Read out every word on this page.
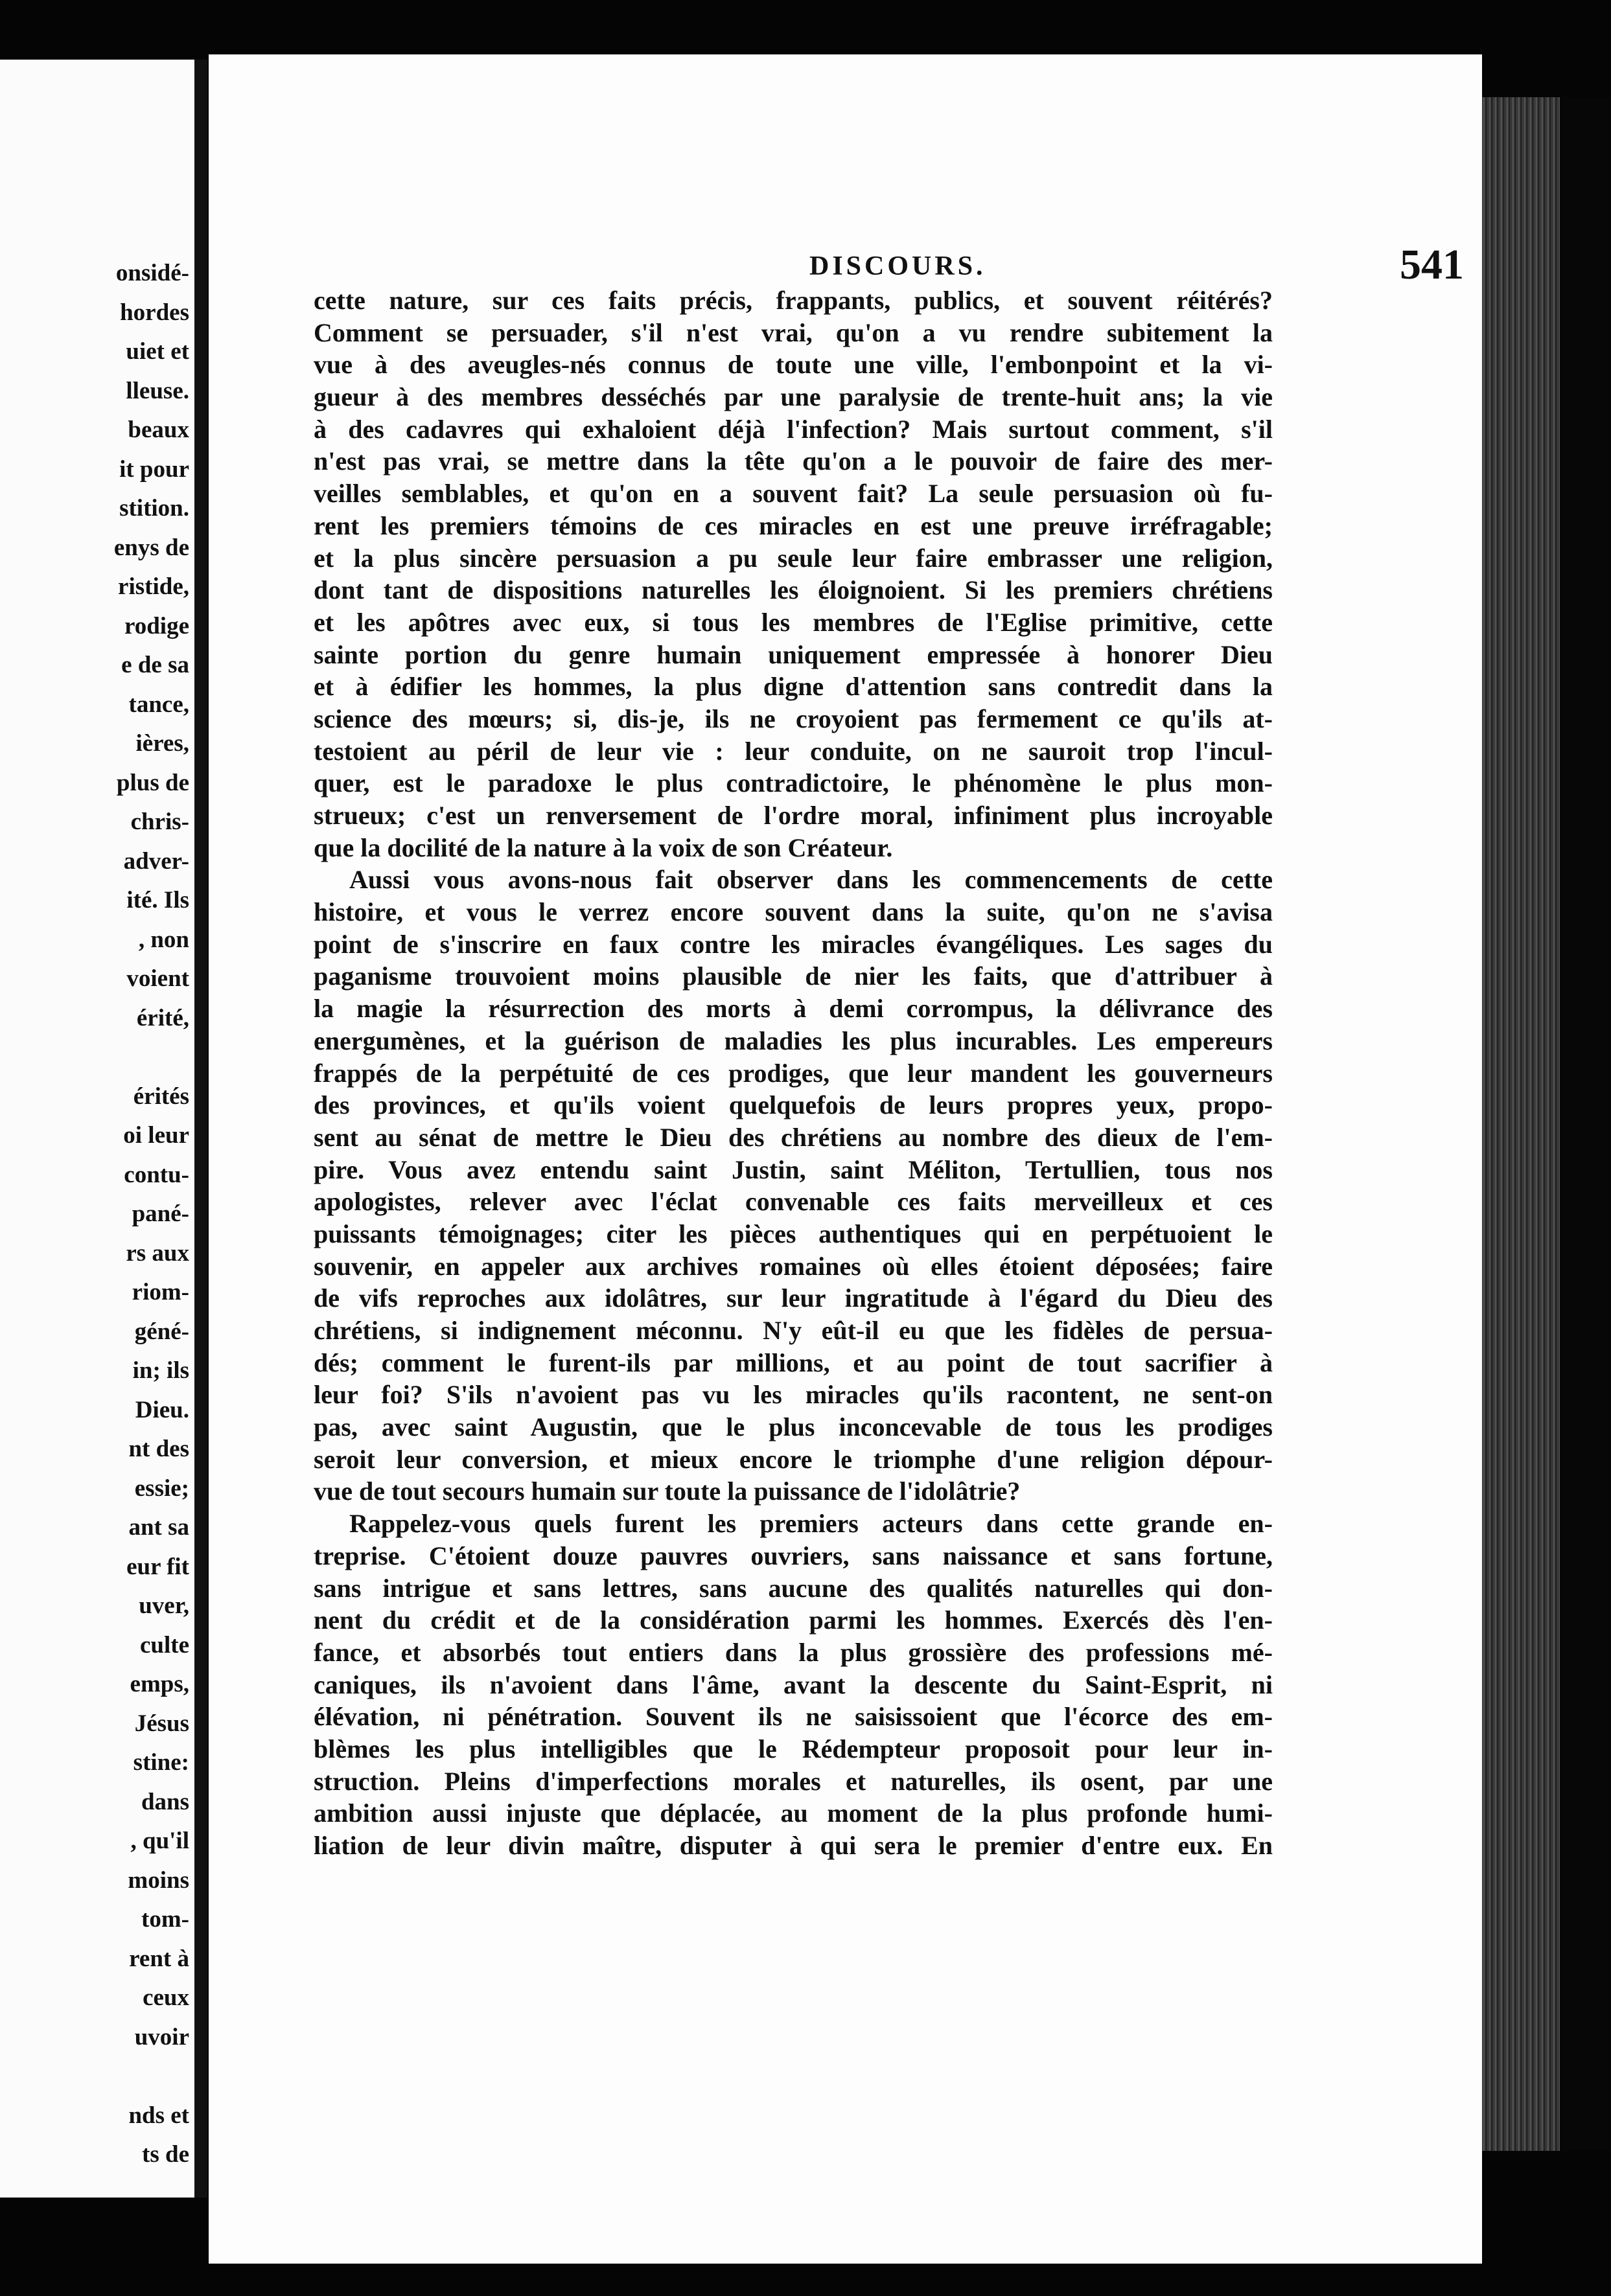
onsidé-
hordes
uiet et
lleuse.
beaux
it pour
stition.
enys de
ristide,
rodige
e de sa
tance,
ières,
plus de
chris-
adver-
ité. Ils
, non
voient
érité,
érités
oi leur
contu-
pané-
rs aux
riom-
géné-
in; ils
Dieu.
nt des
essie;
ant sa
eur fit
uver,
culte
emps,
Jésus
stine:
dans
, qu'il
moins
tom-
rent à
ceux
uvoir
nds et
ts de
DISCOURS.	541
cette nature, sur ces faits précis, frappants, publics, et souvent réitérés?
Comment se persuader, s'il n'est vrai, qu'on a vu rendre subitement la
vue à des aveugles-nés connus de toute une ville, l'embonpoint et la vi-
gueur à des membres desséchés par une paralysie de trente-huit ans; la vie
à des cadavres qui exhaloient déjà l'infection? Mais surtout comment, s'il
n'est pas vrai, se mettre dans la tête qu'on a le pouvoir de faire des mer-
veilles semblables, et qu'on en a souvent fait? La seule persuasion où fu-
rent les premiers témoins de ces miracles en est une preuve irréfragable;
et la plus sincère persuasion a pu seule leur faire embrasser une religion,
dont tant de dispositions naturelles les éloignoient. Si les premiers chrétiens
et les apôtres avec eux, si tous les membres de l'Eglise primitive, cette
sainte portion du genre humain uniquement empressée à honorer Dieu
et à édifier les hommes, la plus digne d'attention sans contredit dans la
science des mœurs; si, dis-je, ils ne croyoient pas fermement ce qu'ils at-
testoient au péril de leur vie : leur conduite, on ne sauroit trop l'incul-
quer, est le paradoxe le plus contradictoire, le phénomène le plus mon-
strueux; c'est un renversement de l'ordre moral, infiniment plus incroyable
que la docilité de la nature à la voix de son Créateur.
Aussi vous avons-nous fait observer dans les commencements de cette
histoire, et vous le verrez encore souvent dans la suite, qu'on ne s'avisa
point de s'inscrire en faux contre les miracles évangéliques. Les sages du
paganisme trouvoient moins plausible de nier les faits, que d'attribuer à
la magie la résurrection des morts à demi corrompus, la délivrance des
energumènes, et la guérison de maladies les plus incurables. Les empereurs
frappés de la perpétuité de ces prodiges, que leur mandent les gouverneurs
des provinces, et qu'ils voient quelquefois de leurs propres yeux, propo-
sent au sénat de mettre le Dieu des chrétiens au nombre des dieux de l'em-
pire. Vous avez entendu saint Justin, saint Méliton, Tertullien, tous nos
apologistes, relever avec l'éclat convenable ces faits merveilleux et ces
puissants témoignages; citer les pièces authentiques qui en perpétuoient le
souvenir, en appeler aux archives romaines où elles étoient déposées; faire
de vifs reproches aux idolâtres, sur leur ingratitude à l'égard du Dieu des
chrétiens, si indignement méconnu. N'y eût-il eu que les fidèles de persua-
dés; comment le furent-ils par millions, et au point de tout sacrifier à
leur foi? S'ils n'avoient pas vu les miracles qu'ils racontent, ne sent-on
pas, avec saint Augustin, que le plus inconcevable de tous les prodiges
seroit leur conversion, et mieux encore le triomphe d'une religion dépour-
vue de tout secours humain sur toute la puissance de l'idolâtrie?
Rappelez-vous quels furent les premiers acteurs dans cette grande en-
treprise. C'étoient douze pauvres ouvriers, sans naissance et sans fortune,
sans intrigue et sans lettres, sans aucune des qualités naturelles qui don-
nent du crédit et de la considération parmi les hommes. Exercés dès l'en-
fance, et absorbés tout entiers dans la plus grossière des professions mé-
caniques, ils n'avoient dans l'âme, avant la descente du Saint-Esprit, ni
élévation, ni pénétration. Souvent ils ne saisissoient que l'écorce des em-
blèmes les plus intelligibles que le Rédempteur proposoit pour leur in-
struction. Pleins d'imperfections morales et naturelles, ils osent, par une
ambition aussi injuste que déplacée, au moment de la plus profonde humi-
liation de leur divin maître, disputer à qui sera le premier d'entre eux. En
